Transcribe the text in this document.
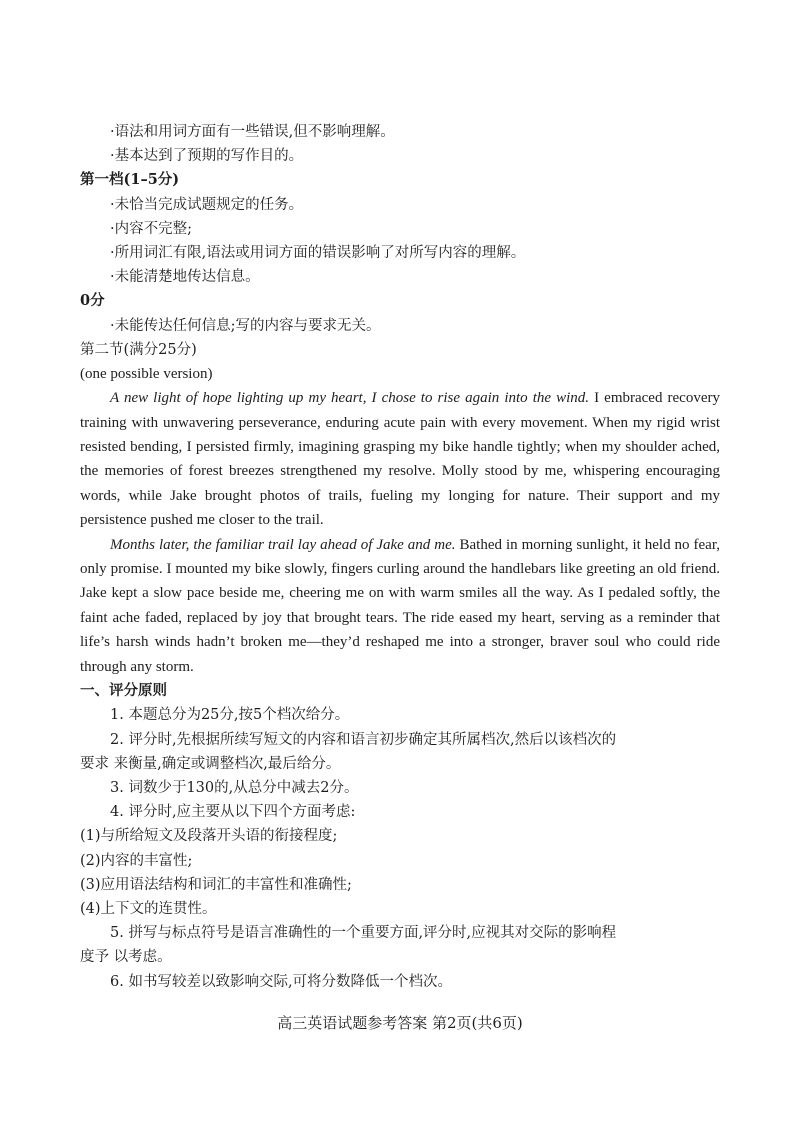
·语法和用词方面有一些错误,但不影响理解。
·基本达到了预期的写作目的。
第一档(1–5分)
·未恰当完成试题规定的任务。
·内容不完整;
·所用词汇有限,语法或用词方面的错误影响了对所写内容的理解。
·未能清楚地传达信息。
0分
·未能传达任何信息;写的内容与要求无关。
第二节(满分25分)
(one possible version)
A new light of hope lighting up my heart, I chose to rise again into the wind. I embraced recovery training with unwavering perseverance, enduring acute pain with every movement. When my rigid wrist resisted bending, I persisted firmly, imagining grasping my bike handle tightly; when my shoulder ached, the memories of forest breezes strengthened my resolve. Molly stood by me, whispering encouraging words, while Jake brought photos of trails, fueling my longing for nature. Their support and my persistence pushed me closer to the trail.
Months later, the familiar trail lay ahead of Jake and me. Bathed in morning sunlight, it held no fear, only promise. I mounted my bike slowly, fingers curling around the handlebars like greeting an old friend. Jake kept a slow pace beside me, cheering me on with warm smiles all the way. As I pedaled softly, the faint ache faded, replaced by joy that brought tears. The ride eased my heart, serving as a reminder that life’s harsh winds hadn’t broken me—they’d reshaped me into a stronger, braver soul who could ride through any storm.
一、评分原则
1. 本题总分为25分,按5个档次给分。
2. 评分时,先根据所续写短文的内容和语言初步确定其所属档次,然后以该档次的
要求 来衡量,确定或调整档次,最后给分。
3. 词数少于130的,从总分中减去2分。
4. 评分时,应主要从以下四个方面考虑:
(1)与所给短文及段落开头语的衔接程度;
(2)内容的丰富性;
(3)应用语法结构和词汇的丰富性和准确性;
(4)上下文的连贯性。
5. 拼写与标点符号是语言准确性的一个重要方面,评分时,应视其对交际的影响程
度予 以考虑。
6. 如书写较差以致影响交际,可将分数降低一个档次。
高三英语试题参考答案 第2页(共6页)
